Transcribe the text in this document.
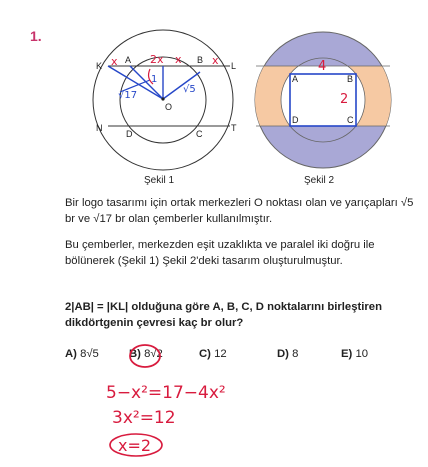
1.
K
A	B
L
N
D	C
T
O
x	2x x	x
√17
√5
1
Şekil 1
A	B
C
D
4
2
Şekil 2
Bir logo tasarımı için ortak merkezleri O noktası olan ve yarıçapları √5 br ve √17 br olan çemberler kullanılmıştır.
Bu çemberler, merkezden eşit uzaklıkta ve paralel iki doğru ile bölünerek (Şekil 1) Şekil 2'deki tasarım oluşturulmuştur.
2|AB| = |KL| olduğuna göre A, B, C, D noktalarını birleştiren dikdörtgenin çevresi kaç br olur?
A) 8√5	B) 8√2	C) 12	D) 8	E) 10
5−x²=17−4x²
3x²=12
x=2
